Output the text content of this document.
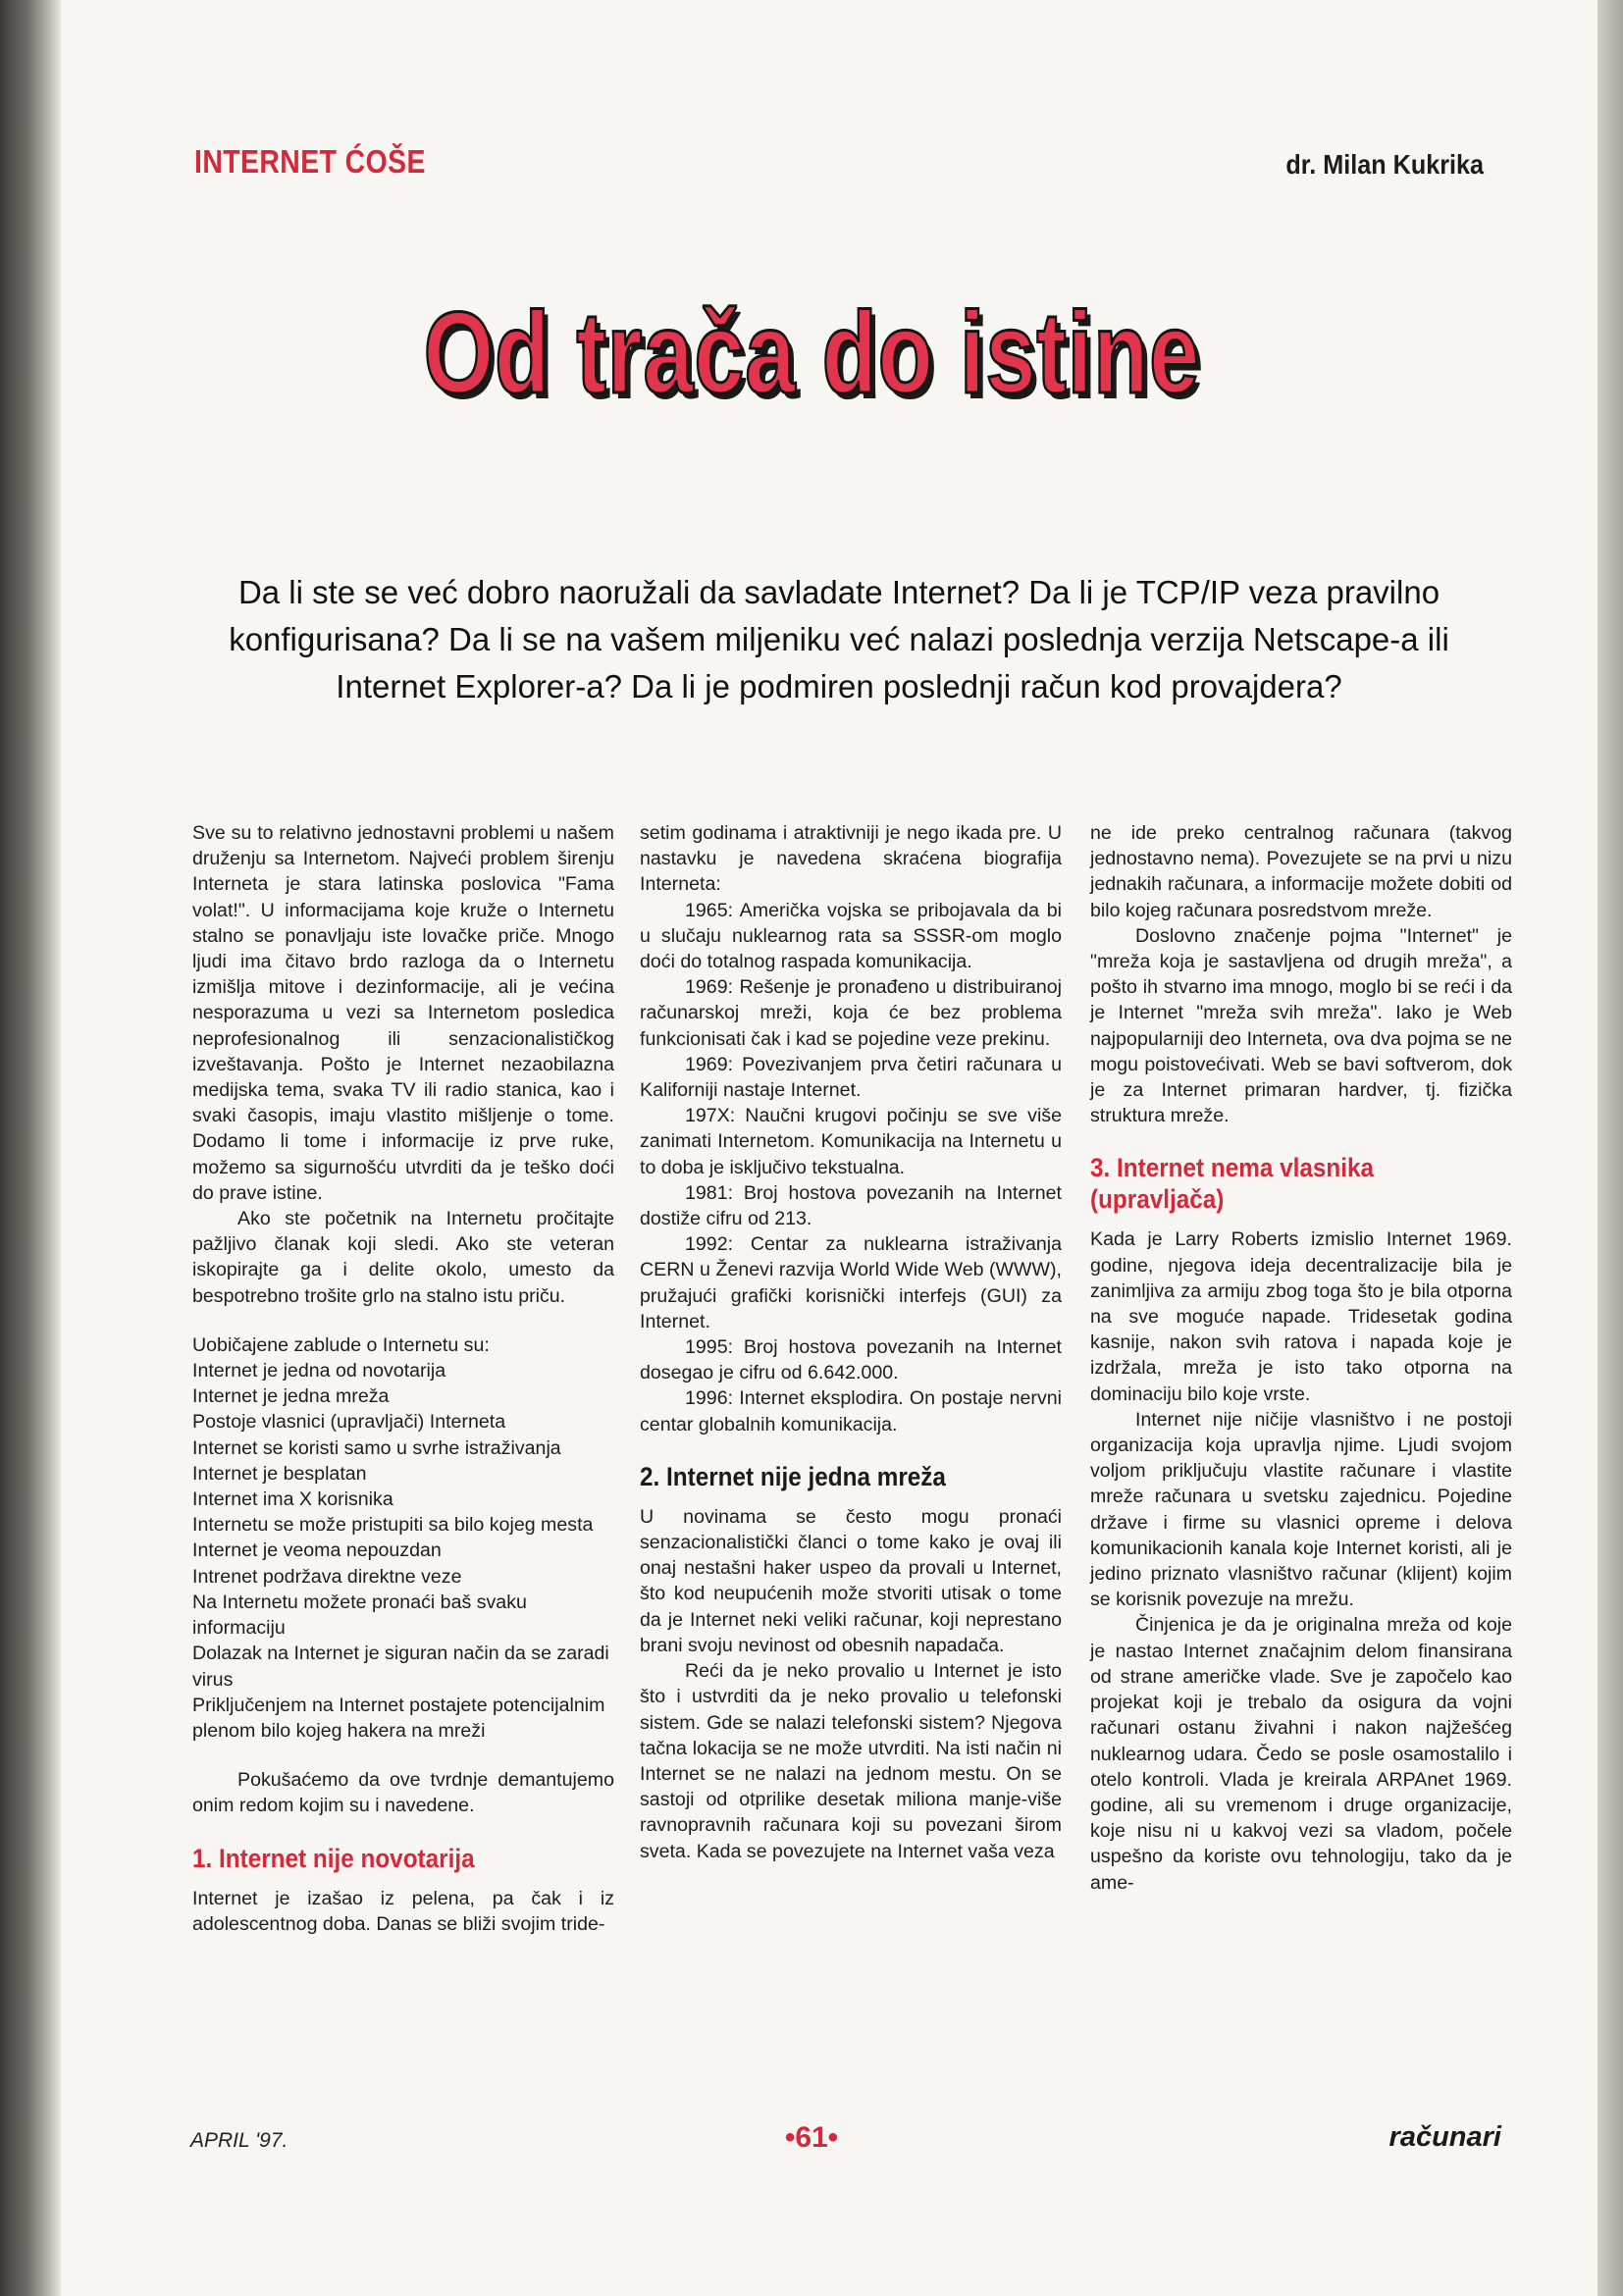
INTERNET ĆOŠE	dr. Milan Kukrika
Od trača do istine
Da li ste se već dobro naoružali da savladate Internet? Da li je TCP/IP veza pravilno konfigurisana? Da li se na vašem miljeniku već nalazi poslednja verzija Netscape-a ili Internet Explorer-a? Da li je podmiren poslednji račun kod provajdera?

Sve su to relativno jednostavni problemi u našem druženju sa Internetom. Najveći problem širenju Interneta je stara latinska poslovica "Fama volat!". U informacijama koje kruže o Internetu stalno se ponavljaju iste lovačke priče. Mnogo ljudi ima čitavo brdo razloga da o Internetu izmišlja mitove i dezinformacije, ali je većina nesporazuma u vezi sa Internetom posledica neprofesionalnog ili senzacionalističkog izveštavanja. Pošto je Internet nezaobilazna medijska tema, svaka TV ili radio stanica, kao i svaki časopis, imaju vlastito mišljenje o tome. Dodamo li tome i informacije iz prve ruke, možemo sa sigurnošću utvrditi da je teško doći do prave istine.

Ako ste početnik na Internetu pročitajte pažljivo članak koji sledi. Ako ste veteran iskopirajte ga i delite okolo, umesto da bespotrebno trošite grlo na stalno istu priču.

Uobičajene zablude o Internetu su:

Internet je jedna od novotarija
Internet je jedna mreža
Postoje vlasnici (upravljači) Interneta
Internet se koristi samo u svrhe istraživanja
Internet je besplatan
Internet ima X korisnika
Internetu se može pristupiti sa bilo kojeg mesta
Internet je veoma nepouzdan
Intrenet podržava direktne veze
Na Internetu možete pronaći baš svaku informaciju
Dolazak na Internet je siguran način da se zaradi virus
Priključenjem na Internet postajete potencijalnim plenom bilo kojeg hakera na mreži

Pokušaćemo da ove tvrdnje demantujemo onim redom kojim su i navedene.

1. Internet nije novotarija

Internet je izašao iz pelena, pa čak i iz adolescentnog doba. Danas se bliži svojim tride-

setim godinama i atraktivniji je nego ikada pre. U nastavku je navedena skraćena biografija Interneta:

1965: Američka vojska se pribojavala da bi u slučaju nuklearnog rata sa SSSR-om moglo doći do totalnog raspada komunikacija.

1969: Rešenje je pronađeno u distribuiranoj računarskoj mreži, koja će bez problema funkcionisati čak i kad se pojedine veze prekinu.

1969: Povezivanjem prva četiri računara u Kaliforniji nastaje Internet.

197X: Naučni krugovi počinju se sve više zanimati Internetom. Komunikacija na Internetu u to doba je isključivo tekstualna.

1981: Broj hostova povezanih na Internet dostiže cifru od 213.

1992: Centar za nuklearna istraživanja CERN u Ženevi razvija World Wide Web (WWW), pružajući grafički korisnički interfejs (GUI) za Internet.

1995: Broj hostova povezanih na Internet dosegao je cifru od 6.642.000.

1996: Internet eksplodira. On postaje nervni centar globalnih komunikacija.

2. Internet nije jedna mreža

U novinama se često mogu pronaći senzacionalistički članci o tome kako je ovaj ili onaj nestašni haker uspeo da provali u Internet, što kod neupućenih može stvoriti utisak o tome da je Internet neki veliki računar, koji neprestano brani svoju nevinost od obesnih napadača.

Reći da je neko provalio u Internet je isto što i ustvrditi da je neko provalio u telefonski sistem. Gde se nalazi telefonski sistem? Njegova tačna lokacija se ne može utvrditi. Na isti način ni Internet se ne nalazi na jednom mestu. On se sastoji od otprilike desetak miliona manje-više ravnopravnih računara koji su povezani širom sveta. Kada se povezujete na Internet vaša veza

ne ide preko centralnog računara (takvog jednostavno nema). Povezujete se na prvi u nizu jednakih računara, a informacije možete dobiti od bilo kojeg računara posredstvom mreže.

Doslovno značenje pojma "Internet" je "mreža koja je sastavljena od drugih mreža", a pošto ih stvarno ima mnogo, moglo bi se reći i da je Internet "mreža svih mreža". Iako je Web najpopularniji deo Interneta, ova dva pojma se ne mogu poistovećivati. Web se bavi softverom, dok je za Internet primaran hardver, tj. fizička struktura mreže.

3. Internet nema vlasnika (upravljača)

Kada je Larry Roberts izmislio Internet 1969. godine, njegova ideja decentralizacije bila je zanimljiva za armiju zbog toga što je bila otporna na sve moguće napade. Tridesetak godina kasnije, nakon svih ratova i napada koje je izdržala, mreža je isto tako otporna na dominaciju bilo koje vrste.

Internet nije ničije vlasništvo i ne postoji organizacija koja upravlja njime. Ljudi svojom voljom priključuju vlastite računare i vlastite mreže računara u svetsku zajednicu. Pojedine države i firme su vlasnici opreme i delova komunikacionih kanala koje Internet koristi, ali je jedino priznato vlasništvo računar (klijent) kojim se korisnik povezuje na mrežu.

Činjenica je da je originalna mreža od koje je nastao Internet značajnim delom finansirana od strane američke vlade. Sve je započelo kao projekat koji je trebalo da osigura da vojni računari ostanu živahni i nakon najžešćeg nuklearnog udara. Čedo se posle osamostalilo i otelo kontroli. Vlada je kreirala ARPAnet 1969. godine, ali su vremenom i druge organizacije, koje nisu ni u kakvoj vezi sa vladom, počele uspešno da koriste ovu tehnologiju, tako da je ame-

APRIL '97.	•61•	računari
